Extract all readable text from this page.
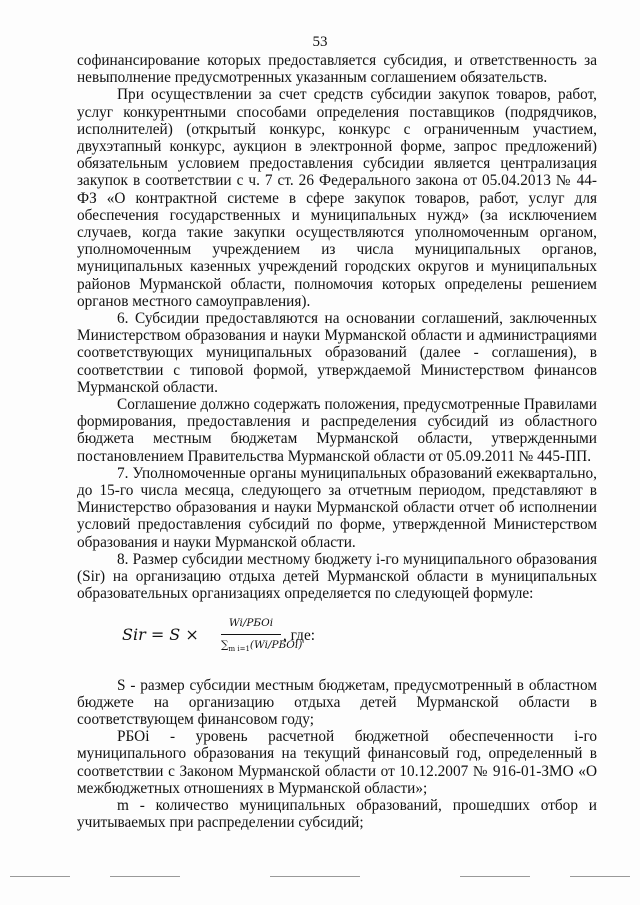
53

софинансирование которых предоставляется субсидия, и ответственность за невыполнение предусмотренных указанным соглашением обязательств.

При осуществлении за счет средств субсидии закупок товаров, работ, услуг конкурентными способами определения поставщиков (подрядчиков, исполнителей) (открытый конкурс, конкурс с ограниченным участием, двухэтапный конкурс, аукцион в электронной форме, запрос предложений) обязательным условием предоставления субсидии является централизация закупок в соответствии с ч. 7 ст. 26 Федерального закона от 05.04.2013 № 44-ФЗ «О контрактной системе в сфере закупок товаров, работ, услуг для обеспечения государственных и муниципальных нужд» (за исключением случаев, когда такие закупки осуществляются уполномоченным органом, уполномоченным учреждением из числа муниципальных органов, муниципальных казенных учреждений городских округов и муниципальных районов Мурманской области, полномочия которых определены решением органов местного самоуправления).

6. Субсидии предоставляются на основании соглашений, заключенных Министерством образования и науки Мурманской области и администрациями соответствующих муниципальных образований (далее - соглашения), в соответствии с типовой формой, утверждаемой Министерством финансов Мурманской области.

Соглашение должно содержать положения, предусмотренные Правилами формирования, предоставления и распределения субсидий из областного бюджета местным бюджетам Мурманской области, утвержденными постановлением Правительства Мурманской области от 05.09.2011 № 445-ПП.

7. Уполномоченные органы муниципальных образований ежеквартально, до 15-го числа месяца, следующего за отчетным периодом, представляют в Министерство образования и науки Мурманской области отчет об исполнении условий предоставления субсидий по форме, утвержденной Министерством образования и науки Мурманской области.

8. Размер субсидии местному бюджету i-го муниципального образования (Sir) на организацию отдыха детей Мурманской области в муниципальных образовательных организациях определяется по следующей формуле:

Sir = S ×
Wi/РБОi
$\sum_{m i=1}(Wi/РБОi)$
, где:

S - размер субсидии местным бюджетам, предусмотренный в областном бюджете на организацию отдыха детей Мурманской области в соответствующем финансовом году;

РБОi - уровень расчетной бюджетной обеспеченности i-го муниципального образования на текущий финансовый год, определенный в соответствии с Законом Мурманской области от 10.12.2007 № 916-01-ЗМО «О межбюджетных отношениях в Мурманской области»;

m - количество муниципальных образований, прошедших отбор и учитываемых при распределении субсидий;
